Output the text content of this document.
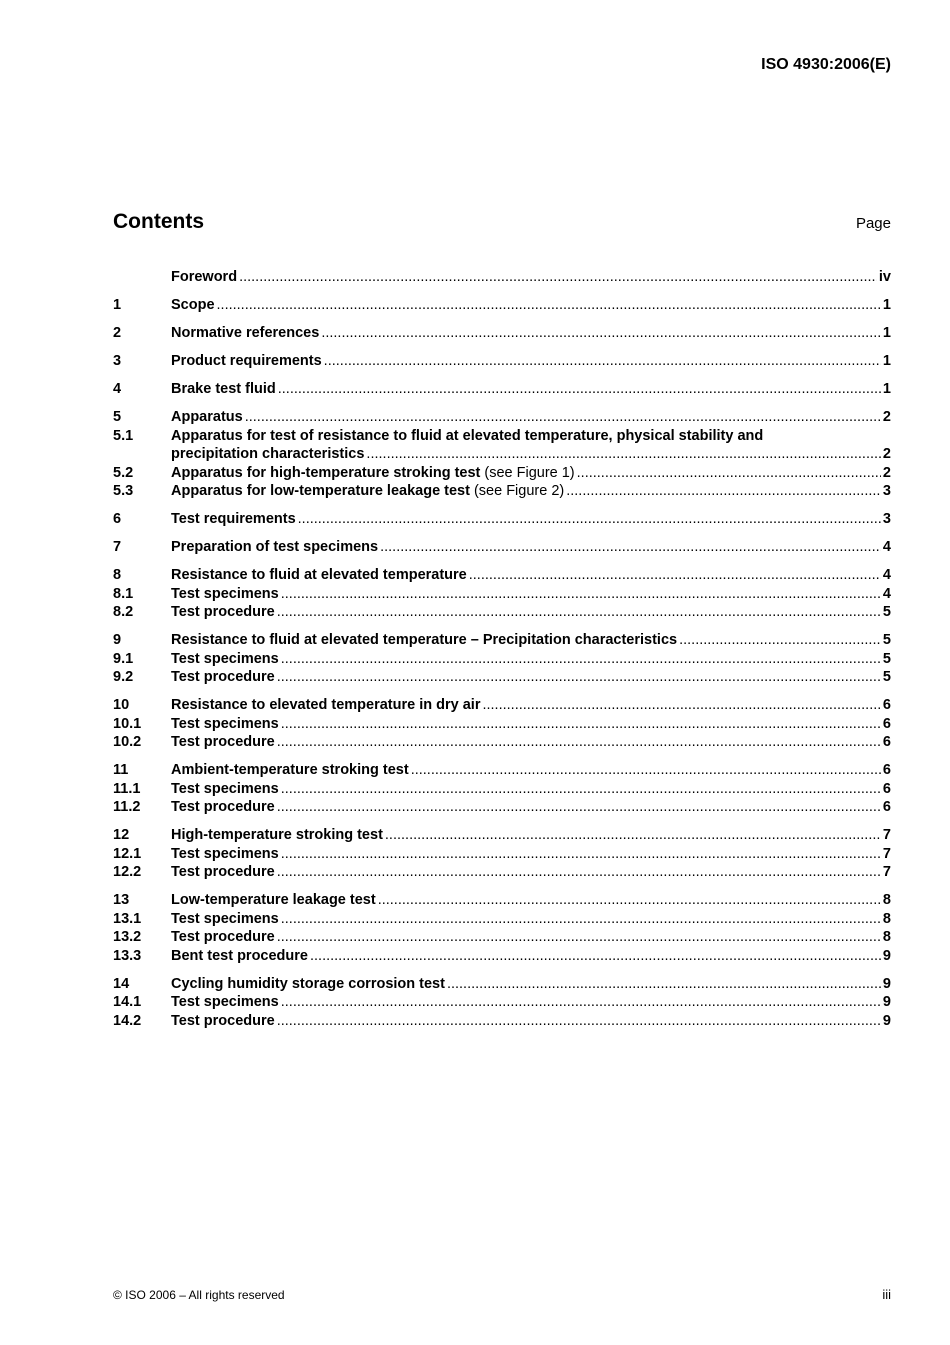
ISO 4930:2006(E)
Contents	Page
Foreword .....	iv
1	Scope .....	1
2	Normative references .....	1
3	Product requirements .....	1
4	Brake test fluid .....	1
5	Apparatus .....	2
5.1	Apparatus for test of resistance to fluid at elevated temperature, physical stability and
precipitation characteristics .....	2
5.2	Apparatus for high-temperature stroking test (see Figure 1) .....	2
5.3	Apparatus for low-temperature leakage test (see Figure 2) .....	3
6	Test requirements .....	3
7	Preparation of test specimens .....	4
8	Resistance to fluid at elevated temperature .....	4
8.1	Test specimens .....	4
8.2	Test procedure .....	5
9	Resistance to fluid at elevated temperature – Precipitation characteristics .....	5
9.1	Test specimens .....	5
9.2	Test procedure .....	5
10	Resistance to elevated temperature in dry air .....	6
10.1	Test specimens .....	6
10.2	Test procedure .....	6
11	Ambient-temperature stroking test .....	6
11.1	Test specimens .....	6
11.2	Test procedure .....	6
12	High-temperature stroking test .....	7
12.1	Test specimens .....	7
12.2	Test procedure .....	7
13	Low-temperature leakage test .....	8
13.1	Test specimens .....	8
13.2	Test procedure .....	8
13.3	Bent test procedure .....	9
14	Cycling humidity storage corrosion test .....	9
14.1	Test specimens .....	9
14.2	Test procedure .....	9
© ISO 2006 – All rights reserved	iii
